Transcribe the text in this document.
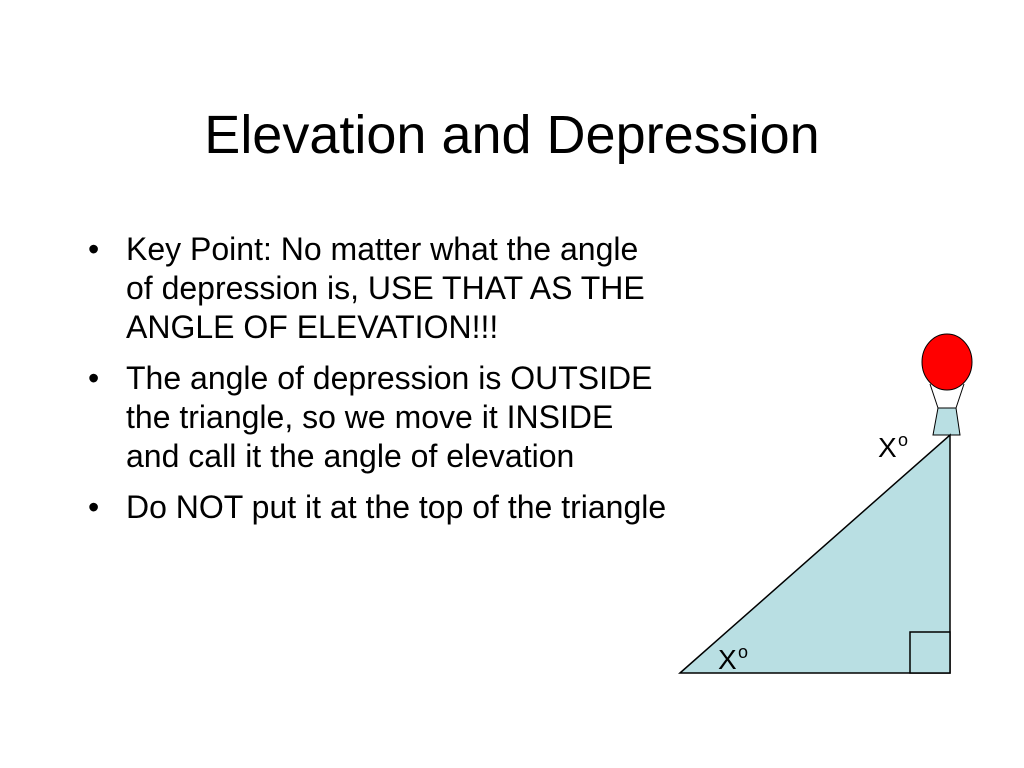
Elevation and Depression
• Key Point: No matter what the angle
of depression is, USE THAT AS THE
ANGLE OF ELEVATION!!!
• The angle of depression is OUTSIDE
the triangle, so we move it INSIDE
and call it the angle of elevation
• Do NOT put it at the top of the triangle
X o
X o
